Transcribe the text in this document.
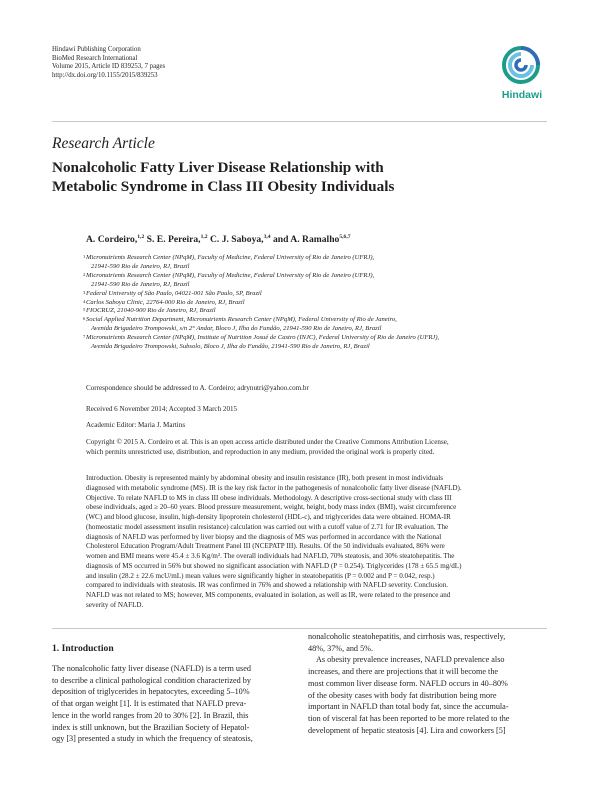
Hindawi Publishing Corporation
BioMed Research International
Volume 2015, Article ID 839253, 7 pages
http://dx.doi.org/10.1155/2015/839253
Hindawi
Research Article
Nonalcoholic Fatty Liver Disease Relationship with
Metabolic Syndrome in Class III Obesity Individuals
A. Cordeiro,$^{1,2}$ S. E. Pereira,$^{1,2}$ C. J. Saboya,$^{3,4}$ and A. Ramalho$^{5,6,7}$
1 Micronutrients Research Center (NPqM), Faculty of Medicine, Federal University of Rio de Janeiro (UFRJ),
21941-590 Rio de Janeiro, RJ, Brazil
2 Micronutrients Research Center (NPqM), Faculty of Medicine, Federal University of Rio de Janeiro (UFRJ),
21941-590 Rio de Janeiro, RJ, Brazil
3 Federal University of São Paulo, 04021-001 São Paulo, SP, Brazil
4 Carlos Saboya Clinic, 22764-000 Rio de Janeiro, RJ, Brazil
5 FIOCRUZ, 21040-900 Rio de Janeiro, RJ, Brazil
6 Social Applied Nutrition Department, Micronutrients Research Center (NPqM), Federal University of Rio de Janeiro,
Avenida Brigadeiro Trompowski, s/n 2° Andar, Bloco J, Ilha do Fundão, 21941-590 Rio de Janeiro, RJ, Brazil
7 Micronutrients Research Center (NPqM), Institute of Nutrition Josué de Castro (INJC), Federal University of Rio de Janeiro (UFRJ),
Avenida Brigadeiro Trompowski, Subsolo, Bloco J, Ilha do Fundão, 21941-590 Rio de Janeiro, RJ, Brazil
Correspondence should be addressed to A. Cordeiro; adrynutri@yahoo.com.br
Received 6 November 2014; Accepted 3 March 2015
Academic Editor: Maria J. Martins
Copyright © 2015 A. Cordeiro et al. This is an open access article distributed under the Creative Commons Attribution License,
which permits unrestricted use, distribution, and reproduction in any medium, provided the original work is properly cited.
Introduction. Obesity is represented mainly by abdominal obesity and insulin resistance (IR), both present in most individuals
diagnosed with metabolic syndrome (MS). IR is the key risk factor in the pathogenesis of nonalcoholic fatty liver disease (NAFLD).
Objective. To relate NAFLD to MS in class III obese individuals. Methodology. A descriptive cross-sectional study with class III
obese individuals, aged ≥ 20–60 years. Blood pressure measurement, weight, height, body mass index (BMI), waist circumference
(WC) and blood glucose, insulin, high-density lipoprotein cholesterol (HDL-c), and triglycerides data were obtained. HOMA-IR
(homeostatic model assessment insulin resistance) calculation was carried out with a cutoff value of 2.71 for IR evaluation. The
diagnosis of NAFLD was performed by liver biopsy and the diagnosis of MS was performed in accordance with the National
Cholesterol Education Program/Adult Treatment Panel III (NCEPATP III). Results. Of the 50 individuals evaluated, 86% were
women and BMI means were 45.4 ± 3.6 Kg/m². The overall individuals had NAFLD, 70% steatosis, and 30% steatohepatitis. The
diagnosis of MS occurred in 56% but showed no significant association with NAFLD (P = 0.254). Triglycerides (178 ± 65.5 mg/dL)
and insulin (28.2 ± 22.6 mcU/mL) mean values were significantly higher in steatohepatitis (P = 0.002 and P = 0.042, resp.)
compared to individuals with steatosis. IR was confirmed in 76% and showed a relationship with NAFLD severity. Conclusion.
NAFLD was not related to MS; however, MS components, evaluated in isolation, as well as IR, were related to the presence and
severity of NAFLD.
1. Introduction
The nonalcoholic fatty liver disease (NAFLD) is a term used
to describe a clinical pathological condition characterized by
deposition of triglycerides in hepatocytes, exceeding 5–10%
of that organ weight [1]. It is estimated that NAFLD preva-
lence in the world ranges from 20 to 30% [2]. In Brazil, this
index is still unknown, but the Brazilian Society of Hepatol-
ogy [3] presented a study in which the frequency of steatosis,
nonalcoholic steatohepatitis, and cirrhosis was, respectively,
48%, 37%, and 5%.
As obesity prevalence increases, NAFLD prevalence also
increases, and there are projections that it will become the
most common liver disease form. NAFLD occurs in 40–80%
of the obesity cases with body fat distribution being more
important in NAFLD than total body fat, since the accumula-
tion of visceral fat has been reported to be more related to the
development of hepatic steatosis [4]. Lira and coworkers [5]
